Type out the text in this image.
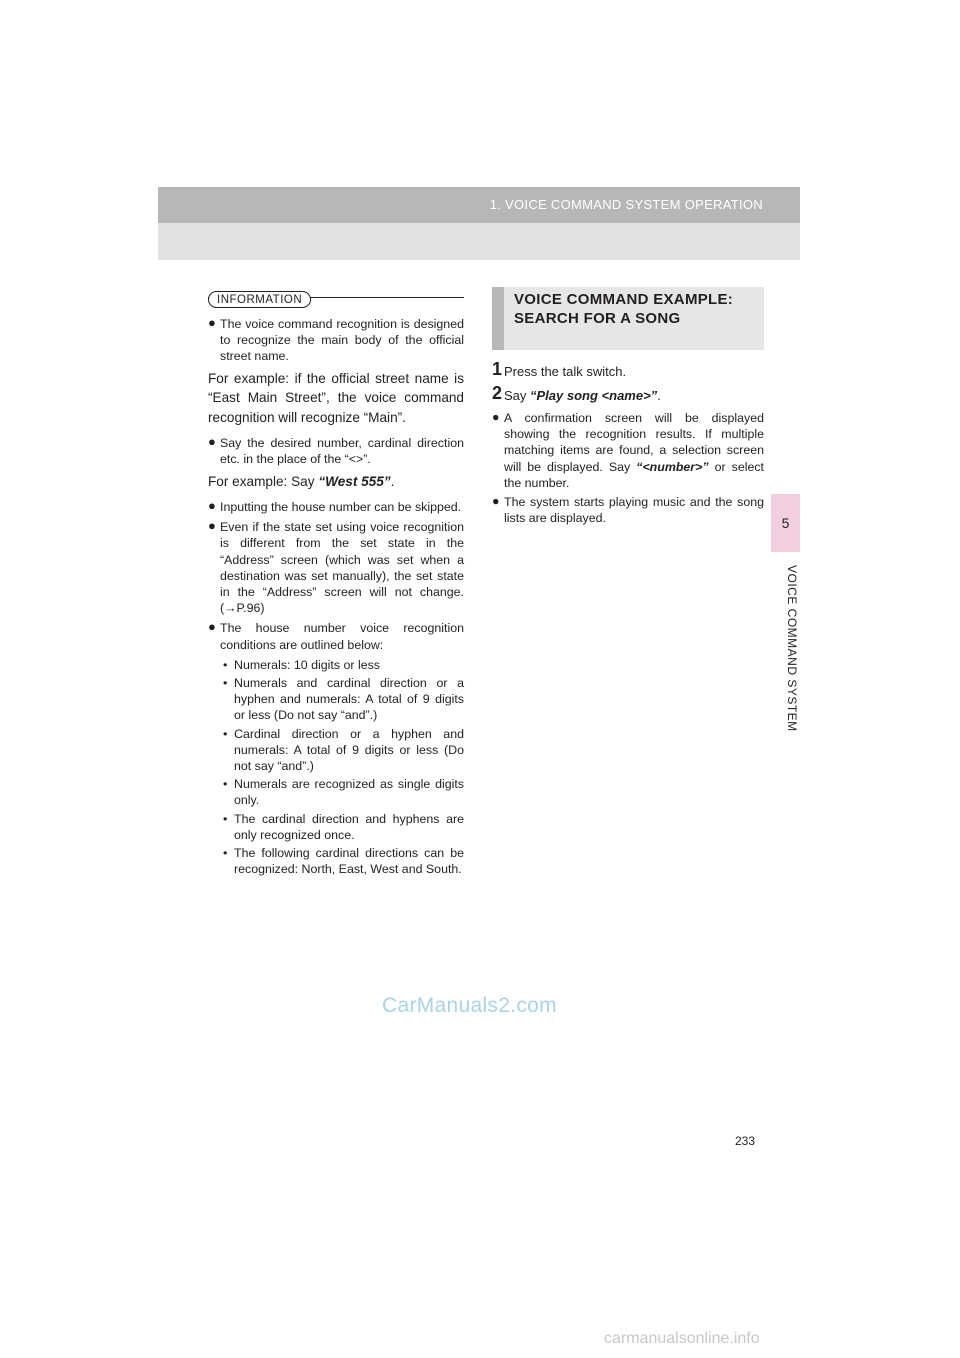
1. VOICE COMMAND SYSTEM OPERATION
5
VOICE COMMAND SYSTEM
INFORMATION
● The voice command recognition is designed to recognize the main body of the official street name.
For example: if the official street name is “East Main Street”, the voice command recognition will recognize “Main”.
● Say the desired number, cardinal direction etc. in the place of the “<>”.
For example: Say “West 555”.
● Inputting the house number can be skipped.
● Even if the state set using voice recognition is different from the set state in the “Address” screen (which was set when a destination was set manually), the set state in the “Address” screen will not change. (→P.96)
● The house number voice recognition conditions are outlined below:
• Numerals: 10 digits or less
• Numerals and cardinal direction or a hyphen and numerals: A total of 9 digits or less (Do not say “and”.)
• Cardinal direction or a hyphen and numerals: A total of 9 digits or less (Do not say “and”.)
• Numerals are recognized as single digits only.
• The cardinal direction and hyphens are only recognized once.
• The following cardinal directions can be recognized: North, East, West and South.
VOICE COMMAND EXAMPLE: SEARCH FOR A SONG
1 Press the talk switch.
2 Say “Play song <name>”.
● A confirmation screen will be displayed showing the recognition results. If multiple matching items are found, a selection screen will be displayed. Say “<number>” or select the number.
● The system starts playing music and the song lists are displayed.
233
CarManuals2.com
carmanualsonline.info
